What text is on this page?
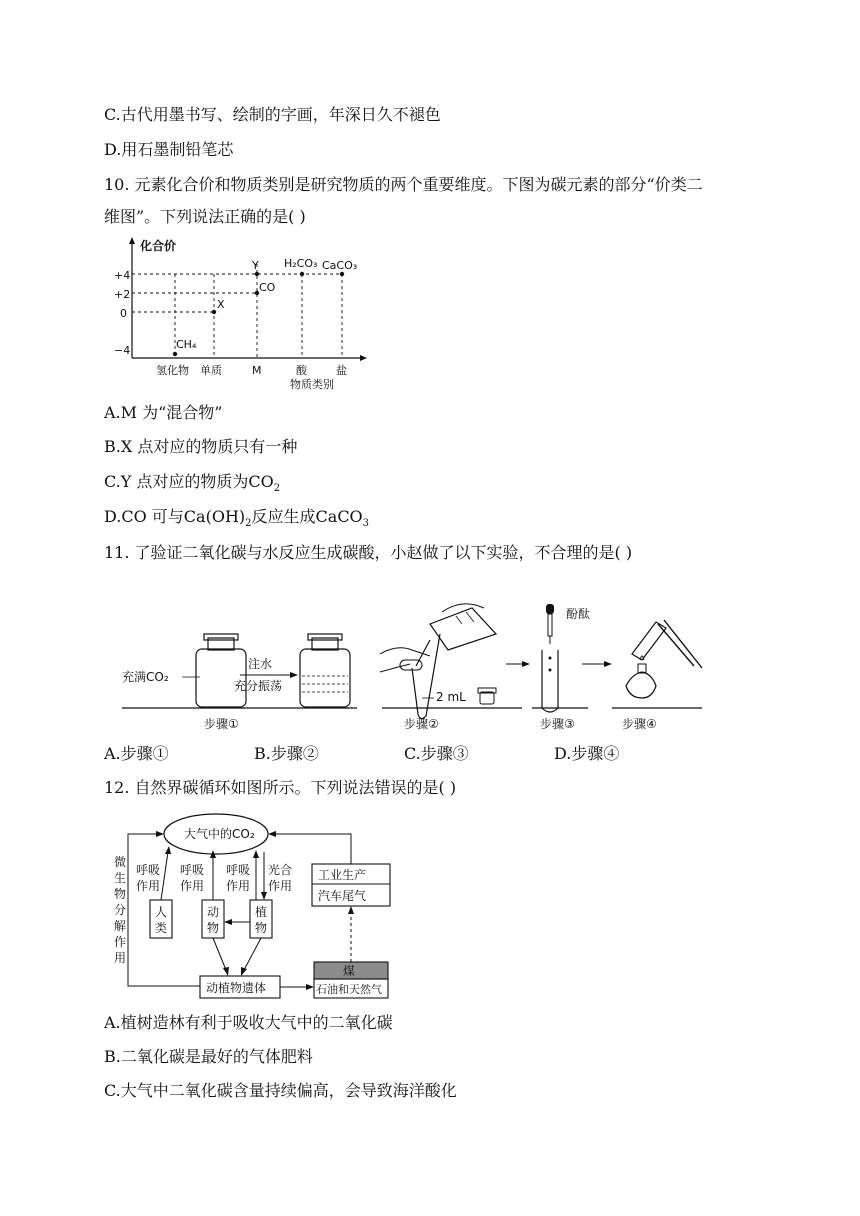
C.古代用墨书写、绘制的字画，年深日久不褪色
D.用石墨制铅笔芯
10. 元素化合价和物质类别是研究物质的两个重要维度。下图为碳元素的部分“价类二
维图”。下列说法正确的是( )
化合价
+4
+2
0
−4
Y H₂CO₃ CaCO₃
CO
X
CH₄
氢化物 单质	M	酸	盐
物质类别
A.M 为“混合物”
B.X 点对应的物质只有一种
C.Y 点对应的物质为$CO_2$
D.CO 可与$Ca(OH)_2$反应生成CaCO$_3$
11. 了验证二氧化碳与水反应生成碳酸，小赵做了以下实验，不合理的是( )
充满CO₂
注水
充分振荡
步骤①
2 mL
步骤②
酚酞
步骤③	步骤④
A.步骤①	B.步骤②	C.步骤③	D.步骤④
12. 自然界碳循环如图所示。下列说法错误的是( )
大气中的CO₂
微
生
物
分
解
作
用
呼吸
作用
呼吸
作用
呼吸
作用
光合
作用
人
类
动
物
植
物
动植物遗体
煤
石油和天然气
工业生产
汽车尾气
A.植树造林有利于吸收大气中的二氧化碳
B.二氧化碳是最好的气体肥料
C.大气中二氧化碳含量持续偏高，会导致海洋酸化
